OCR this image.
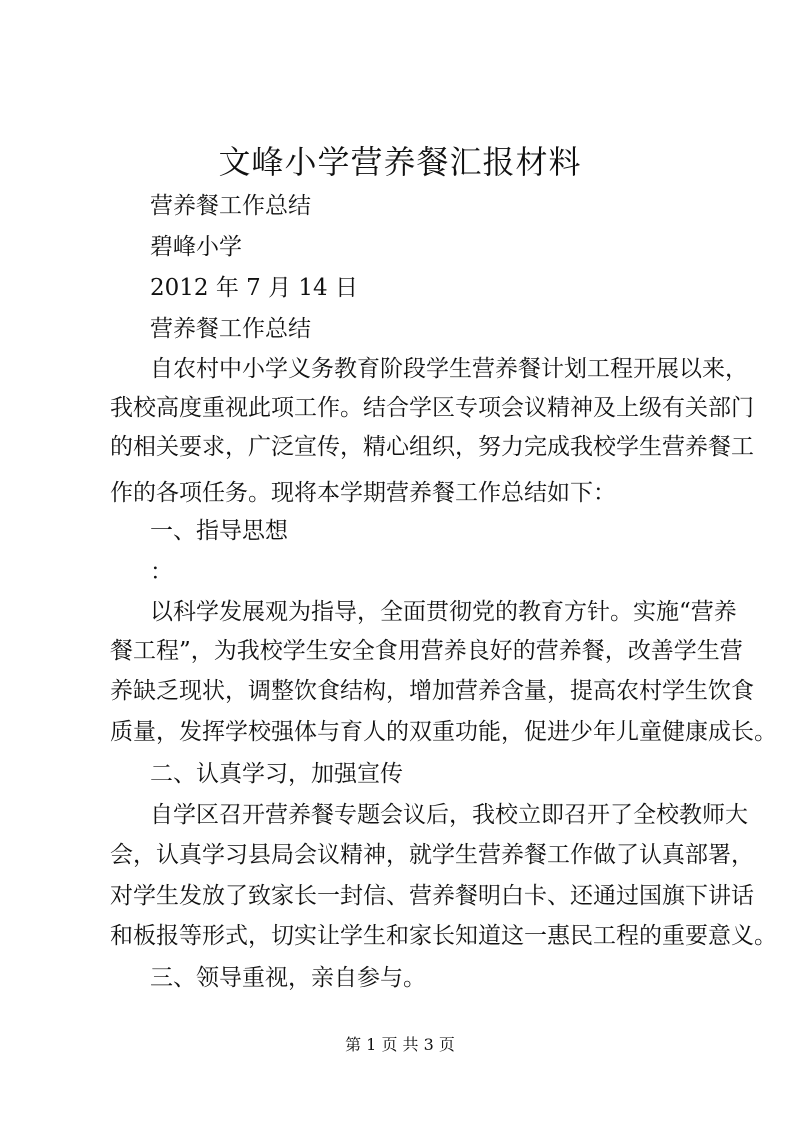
文峰小学营养餐汇报材料
营养餐工作总结
碧峰小学
2012 年 7 月 14 日
营养餐工作总结
自农村中小学义务教育阶段学生营养餐计划工程开展以来，
我校高度重视此项工作。结合学区专项会议精神及上级有关部门
的相关要求，广泛宣传，精心组织，努力完成我校学生营养餐工
作的各项任务。现将本学期营养餐工作总结如下：
一、指导思想
：
以科学发展观为指导，全面贯彻党的教育方针。实施“营养
餐工程”，为我校学生安全食用营养良好的营养餐，改善学生营
养缺乏现状，调整饮食结构，增加营养含量，提高农村学生饮食
质量，发挥学校强体与育人的双重功能，促进少年儿童健康成长。
二、认真学习，加强宣传
自学区召开营养餐专题会议后，我校立即召开了全校教师大
会，认真学习县局会议精神，就学生营养餐工作做了认真部署，
对学生发放了致家长一封信、营养餐明白卡、还通过国旗下讲话
和板报等形式，切实让学生和家长知道这一惠民工程的重要意义。
三、领导重视，亲自参与。
第 1 页 共 3 页
